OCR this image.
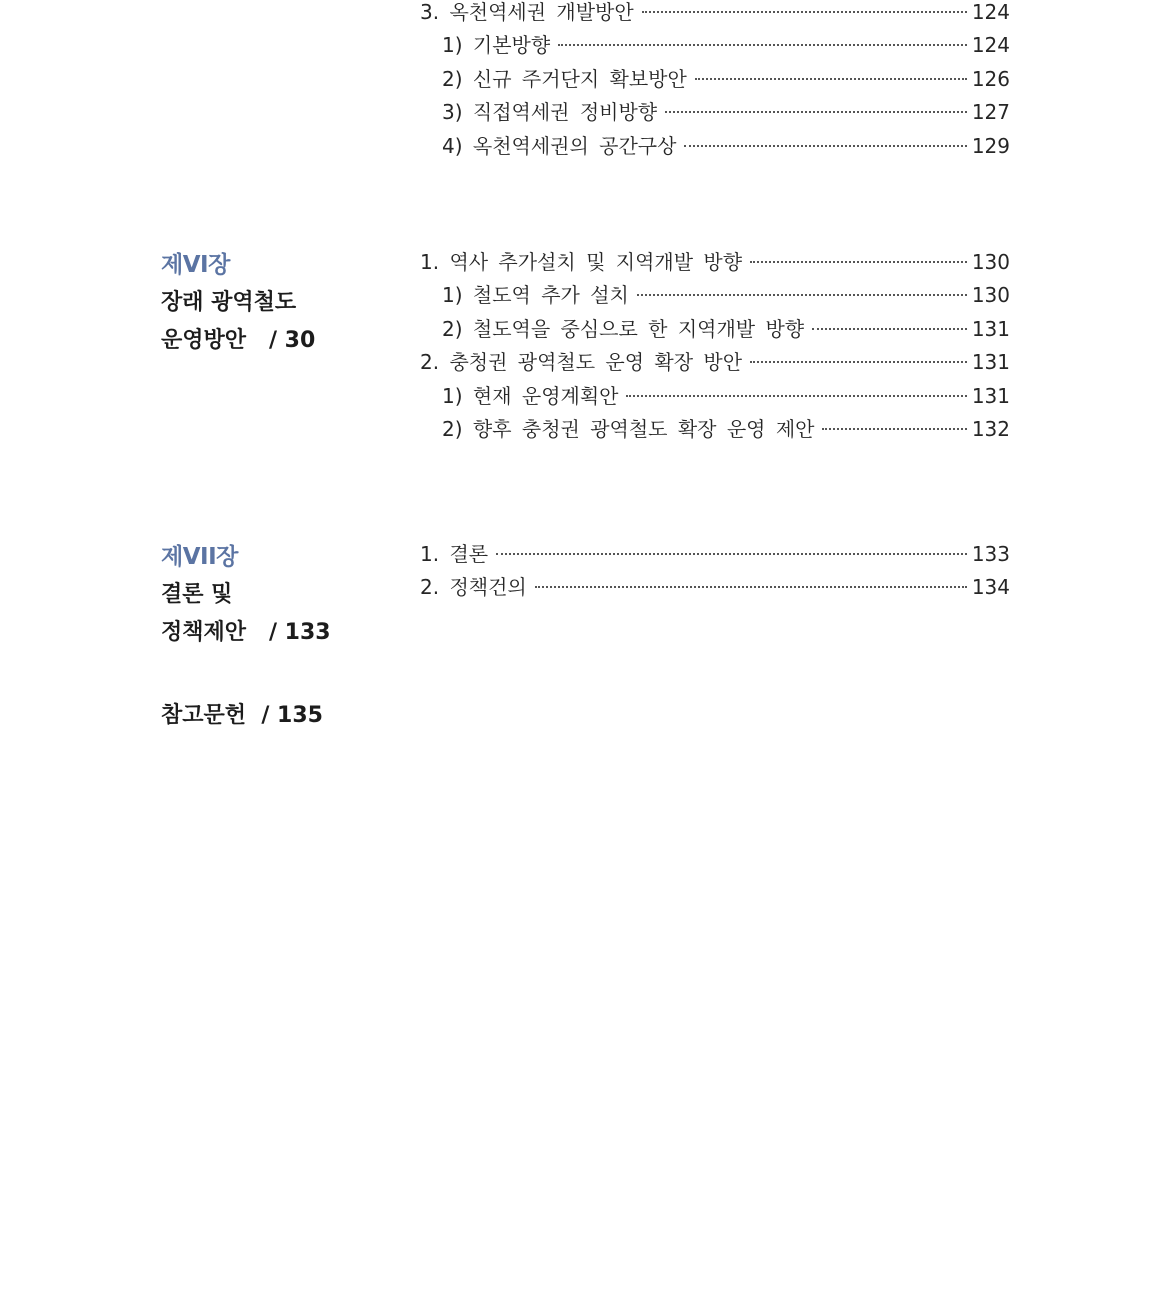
3. 옥천역세권 개발방안	124
1) 기본방향	124
2) 신규 주거단지 확보방안	126
3) 직접역세권 정비방향	127
4) 옥천역세권의 공간구상	129
제VI장
장래 광역철도
운영방안   / 30
1. 역사 추가설치 및 지역개발 방향	130
1) 철도역 추가 설치	130
2) 철도역을 중심으로 한 지역개발 방향	131
2. 충청권 광역철도 운영 확장 방안	131
1) 현재 운영계획안	131
2) 향후 충청권 광역철도 확장 운영 제안	132
제VII장
결론 및
정책제안   / 133
1. 결론	133
2. 정책건의	134
참고문헌  / 135
